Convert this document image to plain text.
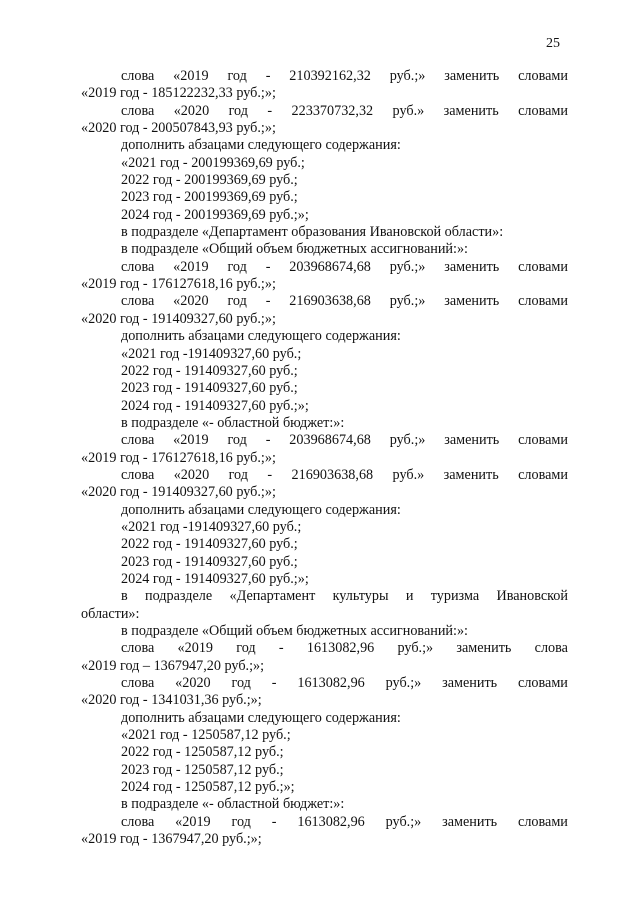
25
слова «2019 год - 210392162,32 руб.;» заменить словами
«2019 год - 185122232,33 руб.;»;
слова «2020 год - 223370732,32 руб.» заменить словами
«2020 год - 200507843,93 руб.;»;
дополнить абзацами следующего содержания:
«2021 год - 200199369,69 руб.;
2022 год - 200199369,69 руб.;
2023 год - 200199369,69 руб.;
2024 год - 200199369,69 руб.;»;
в подразделе «Департамент образования Ивановской области»:
в подразделе «Общий объем бюджетных ассигнований:»:
слова «2019 год - 203968674,68 руб.;» заменить словами
«2019 год - 176127618,16 руб.;»;
слова «2020 год - 216903638,68 руб.;» заменить словами
«2020 год - 191409327,60 руб.;»;
дополнить абзацами следующего содержания:
«2021 год -191409327,60 руб.;
2022 год - 191409327,60 руб.;
2023 год - 191409327,60 руб.;
2024 год - 191409327,60 руб.;»;
в подразделе «- областной бюджет:»:
слова «2019 год - 203968674,68 руб.;» заменить словами
«2019 год - 176127618,16 руб.;»;
слова «2020 год - 216903638,68 руб.» заменить словами
«2020 год - 191409327,60 руб.;»;
дополнить абзацами следующего содержания:
«2021 год -191409327,60 руб.;
2022 год - 191409327,60 руб.;
2023 год - 191409327,60 руб.;
2024 год - 191409327,60 руб.;»;
в подразделе «Департамент культуры и туризма Ивановской
области»:
в подразделе «Общий объем бюджетных ассигнований:»:
слова «2019 год - 1613082,96 руб.;» заменить слова
«2019 год – 1367947,20 руб.;»;
слова «2020 год - 1613082,96 руб.;» заменить словами
«2020 год - 1341031,36 руб.;»;
дополнить абзацами следующего содержания:
«2021 год - 1250587,12 руб.;
2022 год - 1250587,12 руб.;
2023 год - 1250587,12 руб.;
2024 год - 1250587,12 руб.;»;
в подразделе «- областной бюджет:»:
слова «2019 год - 1613082,96 руб.;» заменить словами
«2019 год - 1367947,20 руб.;»;
